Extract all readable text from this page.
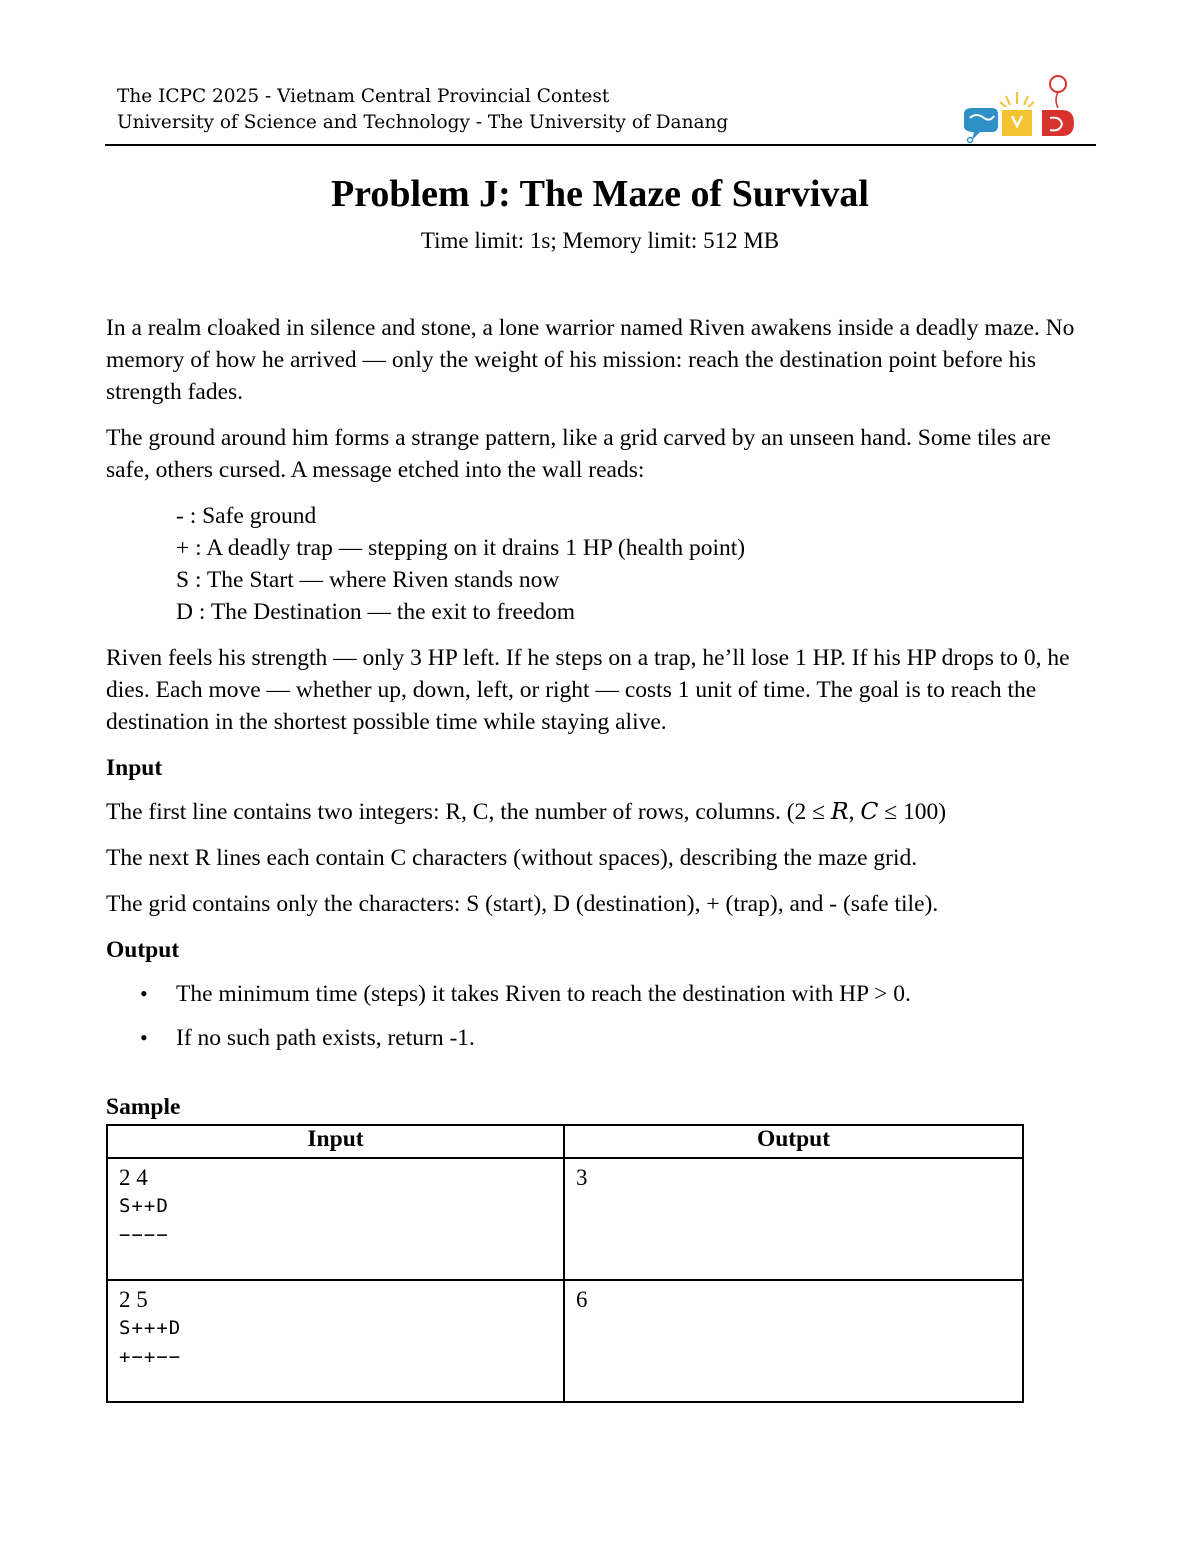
The ICPC 2025 - Vietnam Central Provincial Contest
University of Science and Technology - The University of Danang
Problem J: The Maze of Survival
Time limit: 1s; Memory limit: 512 MB

In a realm cloaked in silence and stone, a lone warrior named Riven awakens inside a deadly maze. No memory of how he arrived — only the weight of his mission: reach the destination point before his strength fades.

The ground around him forms a strange pattern, like a grid carved by an unseen hand. Some tiles are safe, others cursed. A message etched into the wall reads:

- : Safe ground
+ : A deadly trap — stepping on it drains 1 HP (health point)
S : The Start — where Riven stands now
D : The Destination — the exit to freedom

Riven feels his strength — only 3 HP left. If he steps on a trap, he’ll lose 1 HP. If his HP drops to 0, he dies. Each move — whether up, down, left, or right — costs 1 unit of time. The goal is to reach the destination in the shortest possible time while staying alive.

Input

The first line contains two integers: R, C, the number of rows, columns. (2 ≤ 𝑅, 𝐶 ≤ 100)

The next R lines each contain C characters (without spaces), describing the maze grid.

The grid contains only the characters: S (start), D (destination), + (trap), and - (safe tile).

Output
• The minimum time (steps) it takes Riven to reach the destination with HP > 0.
• If no such path exists, return -1.
Sample
Input	Output

2 4
S++D
−−−−	3

2 5
S+++D
+−+−−	6
